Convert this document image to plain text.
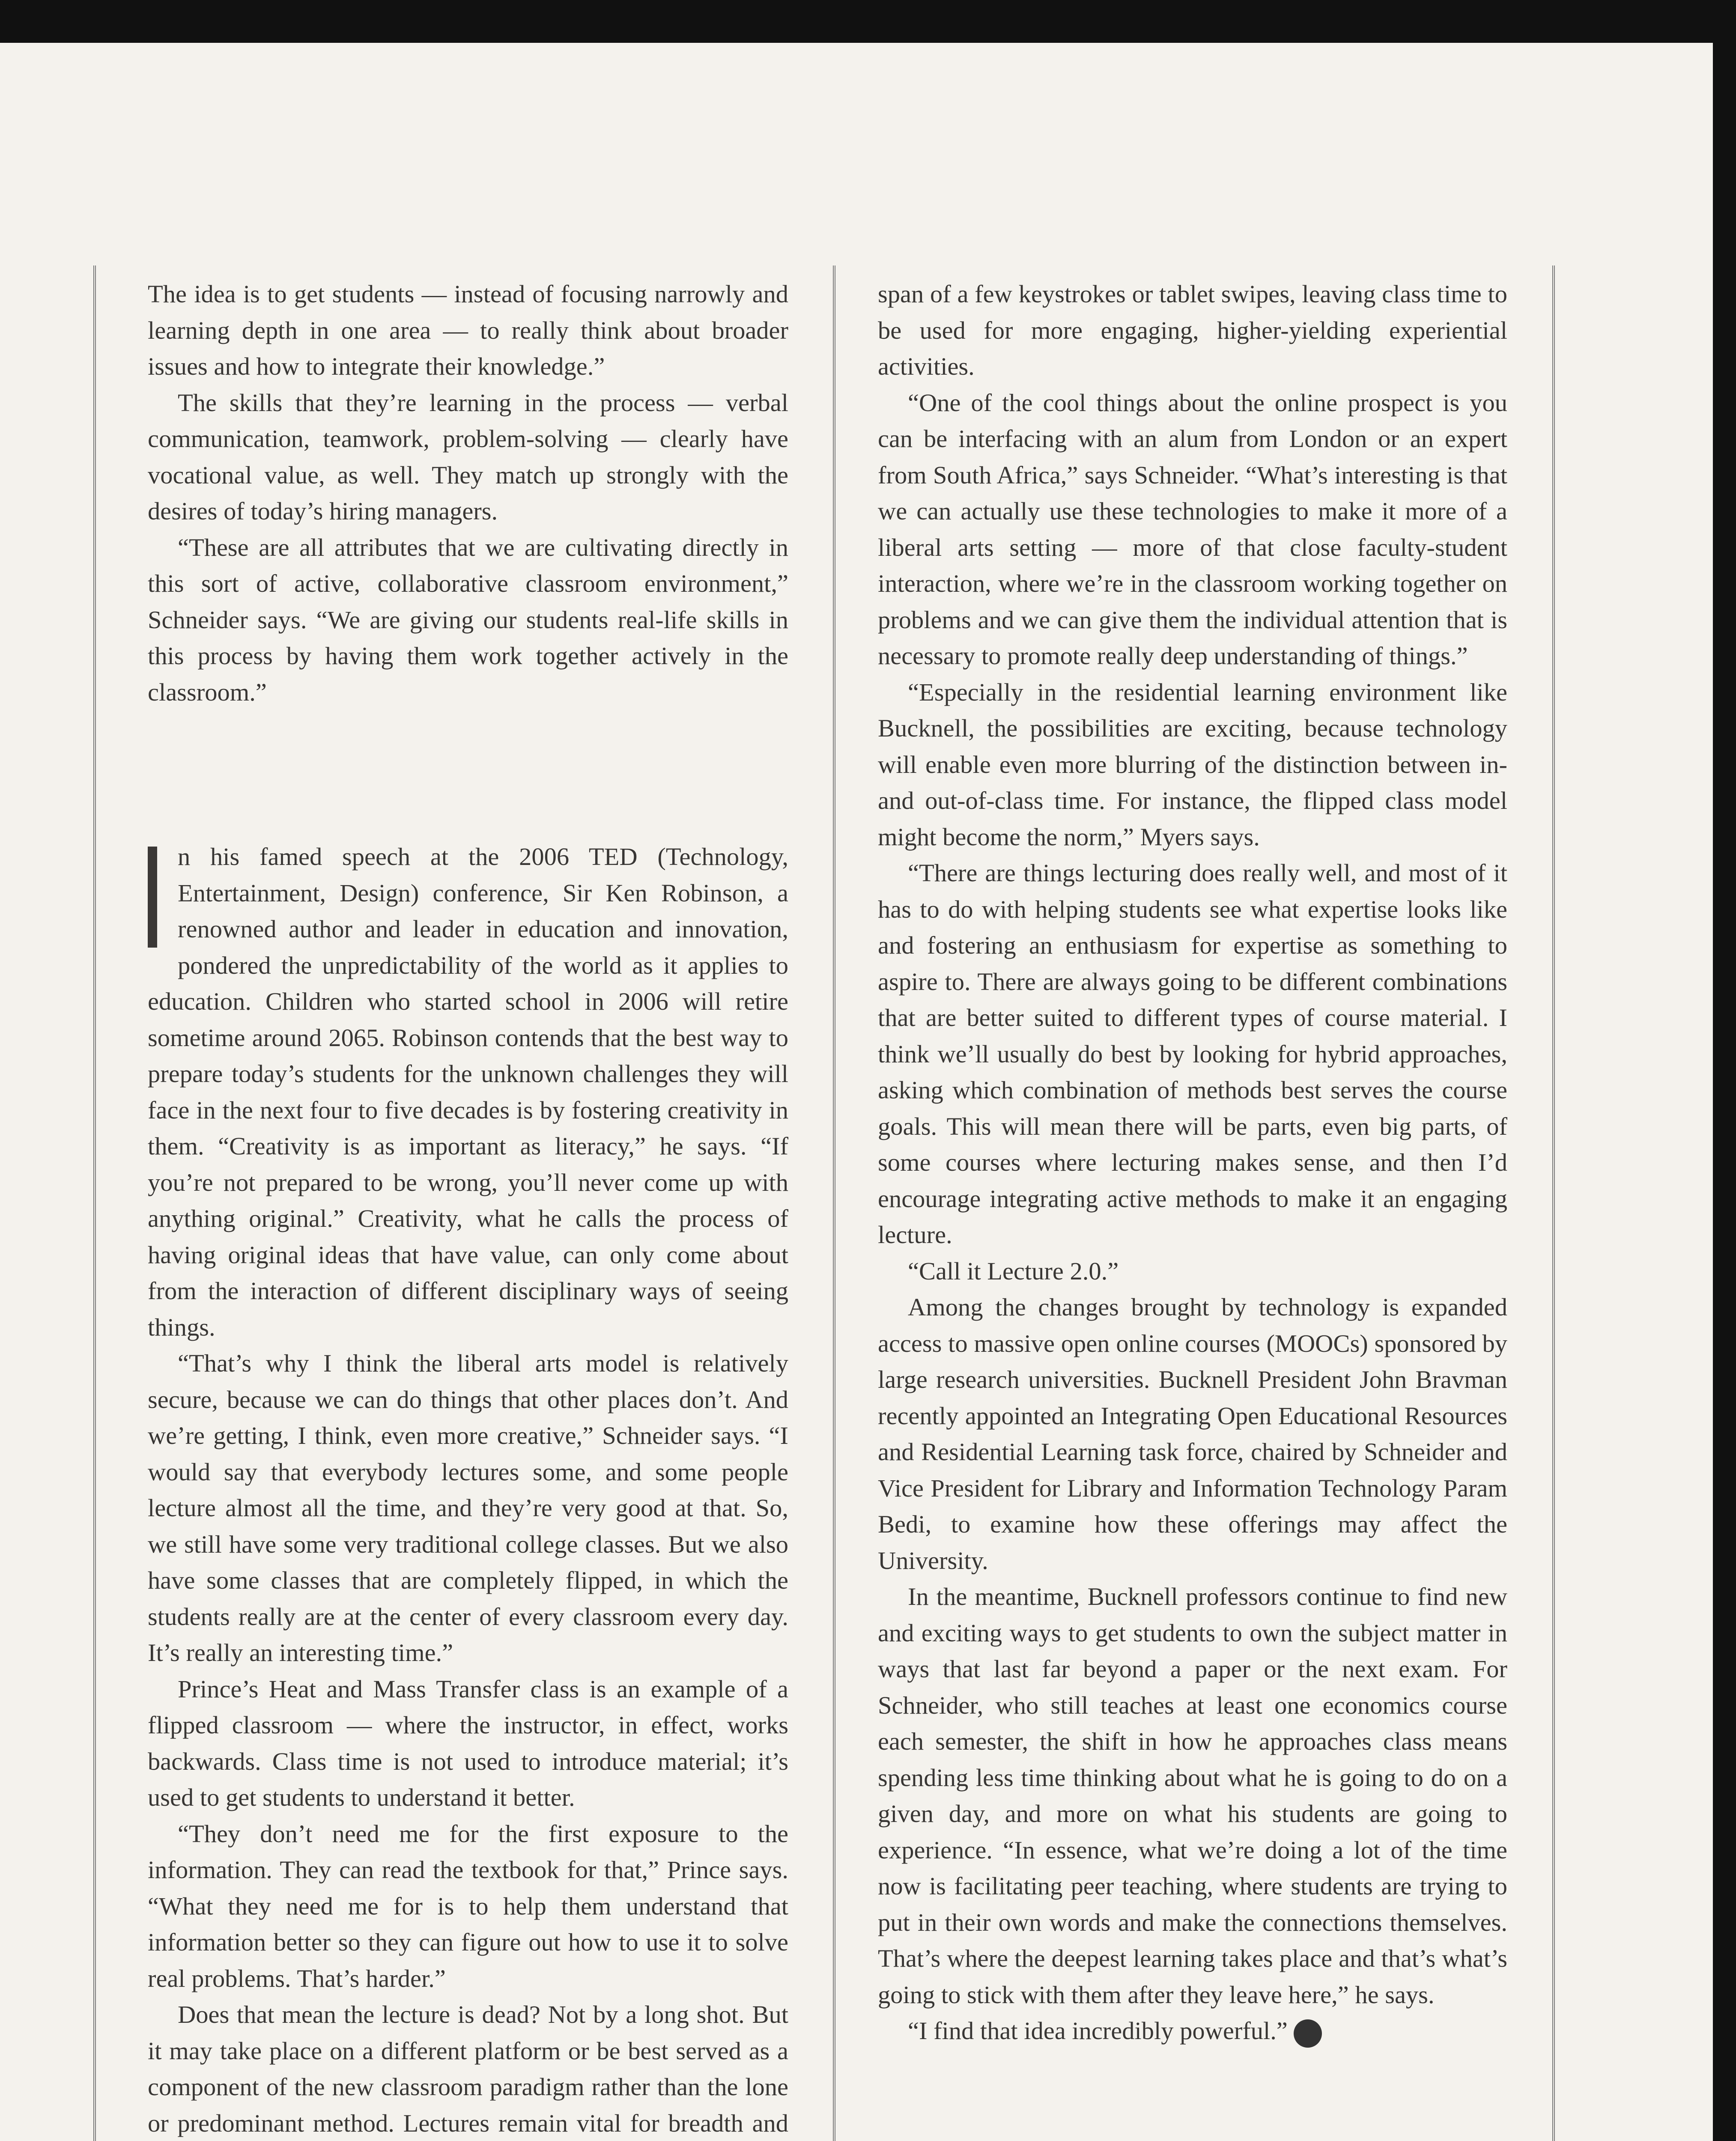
The idea is to get students — instead of focusing narrowly and learning depth in one area — to really think about broader issues and how to integrate their knowledge.”

The skills that they’re learning in the process — verbal communication, teamwork, problem-solving — clearly have vocational value, as well. They match up strongly with the desires of today’s hiring managers.

“These are all attributes that we are cultivating directly in this sort of active, collaborative classroom environment,” Schneider says. “We are giving our students real-life skills in this process by having them work together actively in the classroom.”

n his famed speech at the 2006 TED (Technology, Entertainment, Design) conference, Sir Ken Robinson, a renowned author and leader in education and innovation, pondered the unpredictability of the world as it applies to education. Children who started school in 2006 will retire sometime around 2065. Robinson contends that the best way to prepare today’s students for the unknown challenges they will face in the next four to five decades is by fostering creativity in them. “Creativity is as important as literacy,” he says. “If you’re not prepared to be wrong, you’ll never come up with anything original.” Creativity, what he calls the process of having original ideas that have value, can only come about from the interaction of different disciplinary ways of seeing things.

“That’s why I think the liberal arts model is relatively secure, because we can do things that other places don’t. And we’re getting, I think, even more creative,” Schneider says. “I would say that everybody lectures some, and some people lecture almost all the time, and they’re very good at that. So, we still have some very traditional college classes. But we also have some classes that are completely flipped, in which the students really are at the center of every classroom every day. It’s really an interesting time.”

Prince’s Heat and Mass Transfer class is an example of a flipped classroom — where the instructor, in effect, works backwards. Class time is not used to introduce material; it’s used to get students to understand it better.

“They don’t need me for the first exposure to the information. They can read the textbook for that,” Prince says. “What they need me for is to help them understand that information better so they can figure out how to use it to solve real problems. That’s harder.”

Does that mean the lecture is dead? Not by a long shot. But it may take place on a different platform or be best served as a component of the new classroom paradigm rather than the lone or predominant method. Lectures remain vital for breadth and

span of a few keystrokes or tablet swipes, leaving class time to be used for more engaging, higher-yielding experiential activities.

“One of the cool things about the online prospect is you can be interfacing with an alum from London or an expert from South Africa,” says Schneider. “What’s interesting is that we can actually use these technologies to make it more of a liberal arts setting — more of that close faculty-student interaction, where we’re in the classroom working together on problems and we can give them the individual attention that is necessary to promote really deep understanding of things.”

“Especially in the residential learning environment like Bucknell, the possibilities are exciting, because technology will enable even more blurring of the distinction between in- and out-of-class time. For instance, the flipped class model might become the norm,” Myers says.

“There are things lecturing does really well, and most of it has to do with helping students see what expertise looks like and fostering an enthusiasm for expertise as something to aspire to. There are always going to be different combinations that are better suited to different types of course material. I think we’ll usually do best by looking for hybrid approaches, asking which combination of methods best serves the course goals. This will mean there will be parts, even big parts, of some courses where lecturing makes sense, and then I’d encourage integrating active methods to make it an engaging lecture.

“Call it Lecture 2.0.”

Among the changes brought by technology is expanded access to massive open online courses (MOOCs) sponsored by large research universities. Bucknell President John Bravman recently appointed an Integrating Open Educational Resources and Residential Learning task force, chaired by Schneider and Vice President for Library and Information Technology Param Bedi, to examine how these offerings may affect the University.

In the meantime, Bucknell professors continue to find new and exciting ways to get students to own the subject matter in ways that last far beyond a paper or the next exam. For Schneider, who still teaches at least one economics course each semester, the shift in how he approaches class means spending less time thinking about what he is going to do on a given day, and more on what his students are going to experience. “In essence, what we’re doing a lot of the time now is facilitating peer teaching, where students are trying to put in their own words and make the connections themselves. That’s where the deepest learning takes place and that’s what’s going to stick with them after they leave here,” he says.

“I find that idea incredibly powerful.” B
